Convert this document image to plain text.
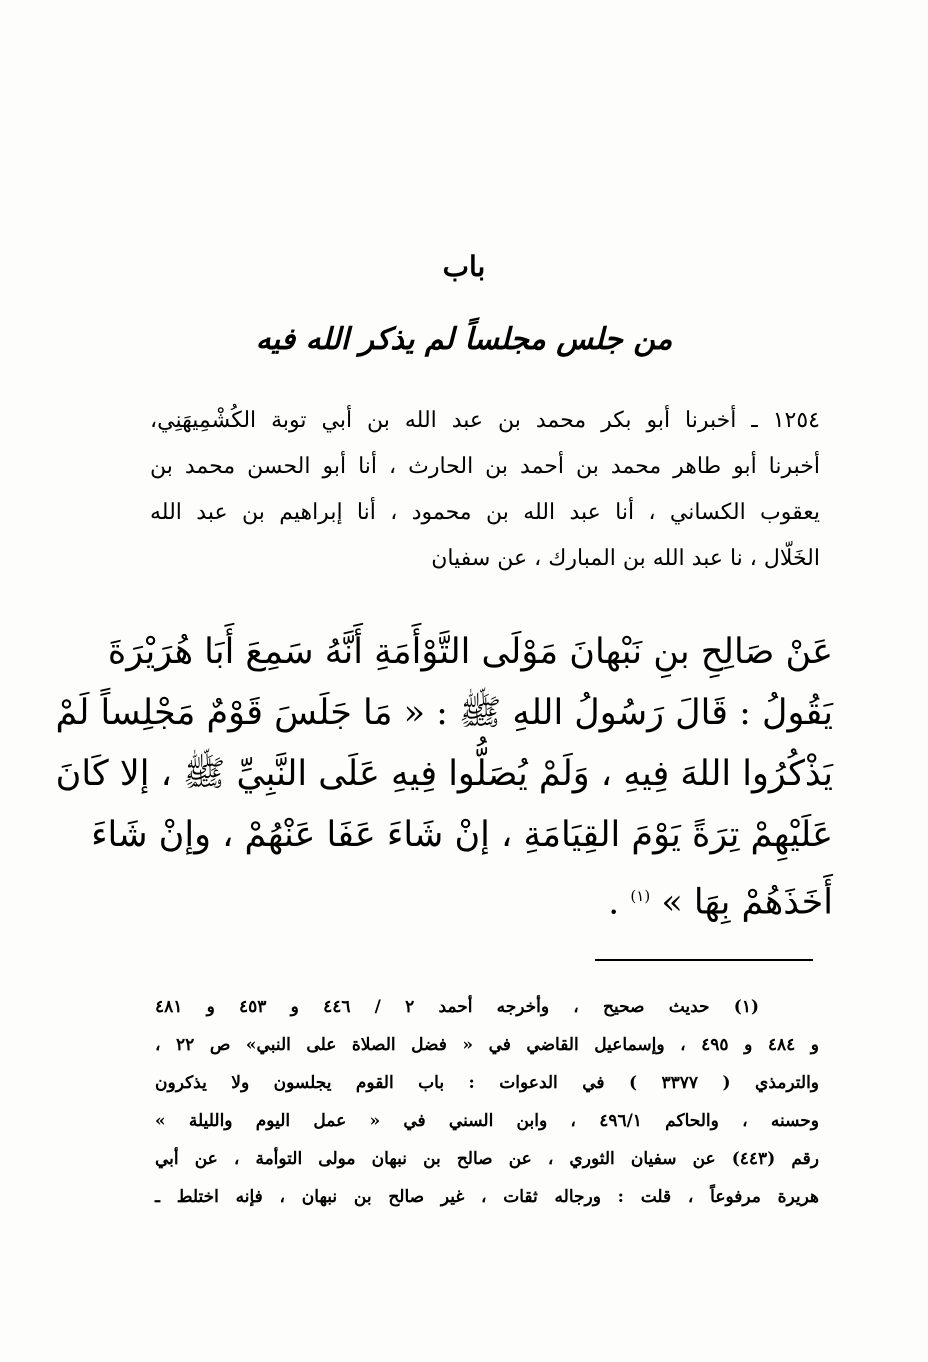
باب
من جلس مجلساً لم يذكر الله فيه
١٢٥٤ ـ أخبرنا أبو بكر محمد بن عبد الله بن أبي توبة الكُشْمِيهَنِي،
أخبرنا أبو طاهر محمد بن أحمد بن الحارث ، أنا أبو الحسن محمد بن
يعقوب الكساني ، أنا عبد الله بن محمود ، أنا إبراهيم بن عبد الله
الخَلّال ، نا عبد الله بن المبارك ، عن سفيان
عَنْ صَالِحِ بنِ نَبْهانَ مَوْلَى التَّوْأَمَةِ أَنَّهُ سَمِعَ أَبَا هُرَيْرَةَ
يَقُولُ : قَالَ رَسُولُ اللهِ ﷺ : « مَا جَلَسَ قَوْمٌ مَجْلِساً لَمْ
يَذْكُرُوا اللهَ فِيهِ ، وَلَمْ يُصَلُّوا فِيهِ عَلَى النَّبِيِّ ﷺ ، إلا كَانَ
عَلَيْهِمْ تِرَةً يَوْمَ القِيَامَةِ ، إنْ شَاءَ عَفَا عَنْهُمْ ، وإنْ شَاءَ
أَخَذَهُمْ بِهَا » $^{(١)}$ .
(١) حديث صحيح ، وأخرجه أحمد ٢ / ٤٤٦ و ٤٥٣ و ٤٨١
و ٤٨٤ و ٤٩٥ ، وإسماعيل القاضي في « فضل الصلاة على النبي» ص ٢٢ ،
والترمذي ( ٣٣٧٧ ) في الدعوات : باب القوم يجلسون ولا يذكرون
وحسنه ، والحاكم ٤٩٦/١ ، وابن السني في « عمل اليوم والليلة »
رقم (٤٤٣) عن سفيان الثوري ، عن صالح بن نبهان مولى التوأمة ، عن أبي
هريرة مرفوعاً ، قلت : ورجاله ثقات ، غير صالح بن نبهان ، فإنه اختلط ـ
